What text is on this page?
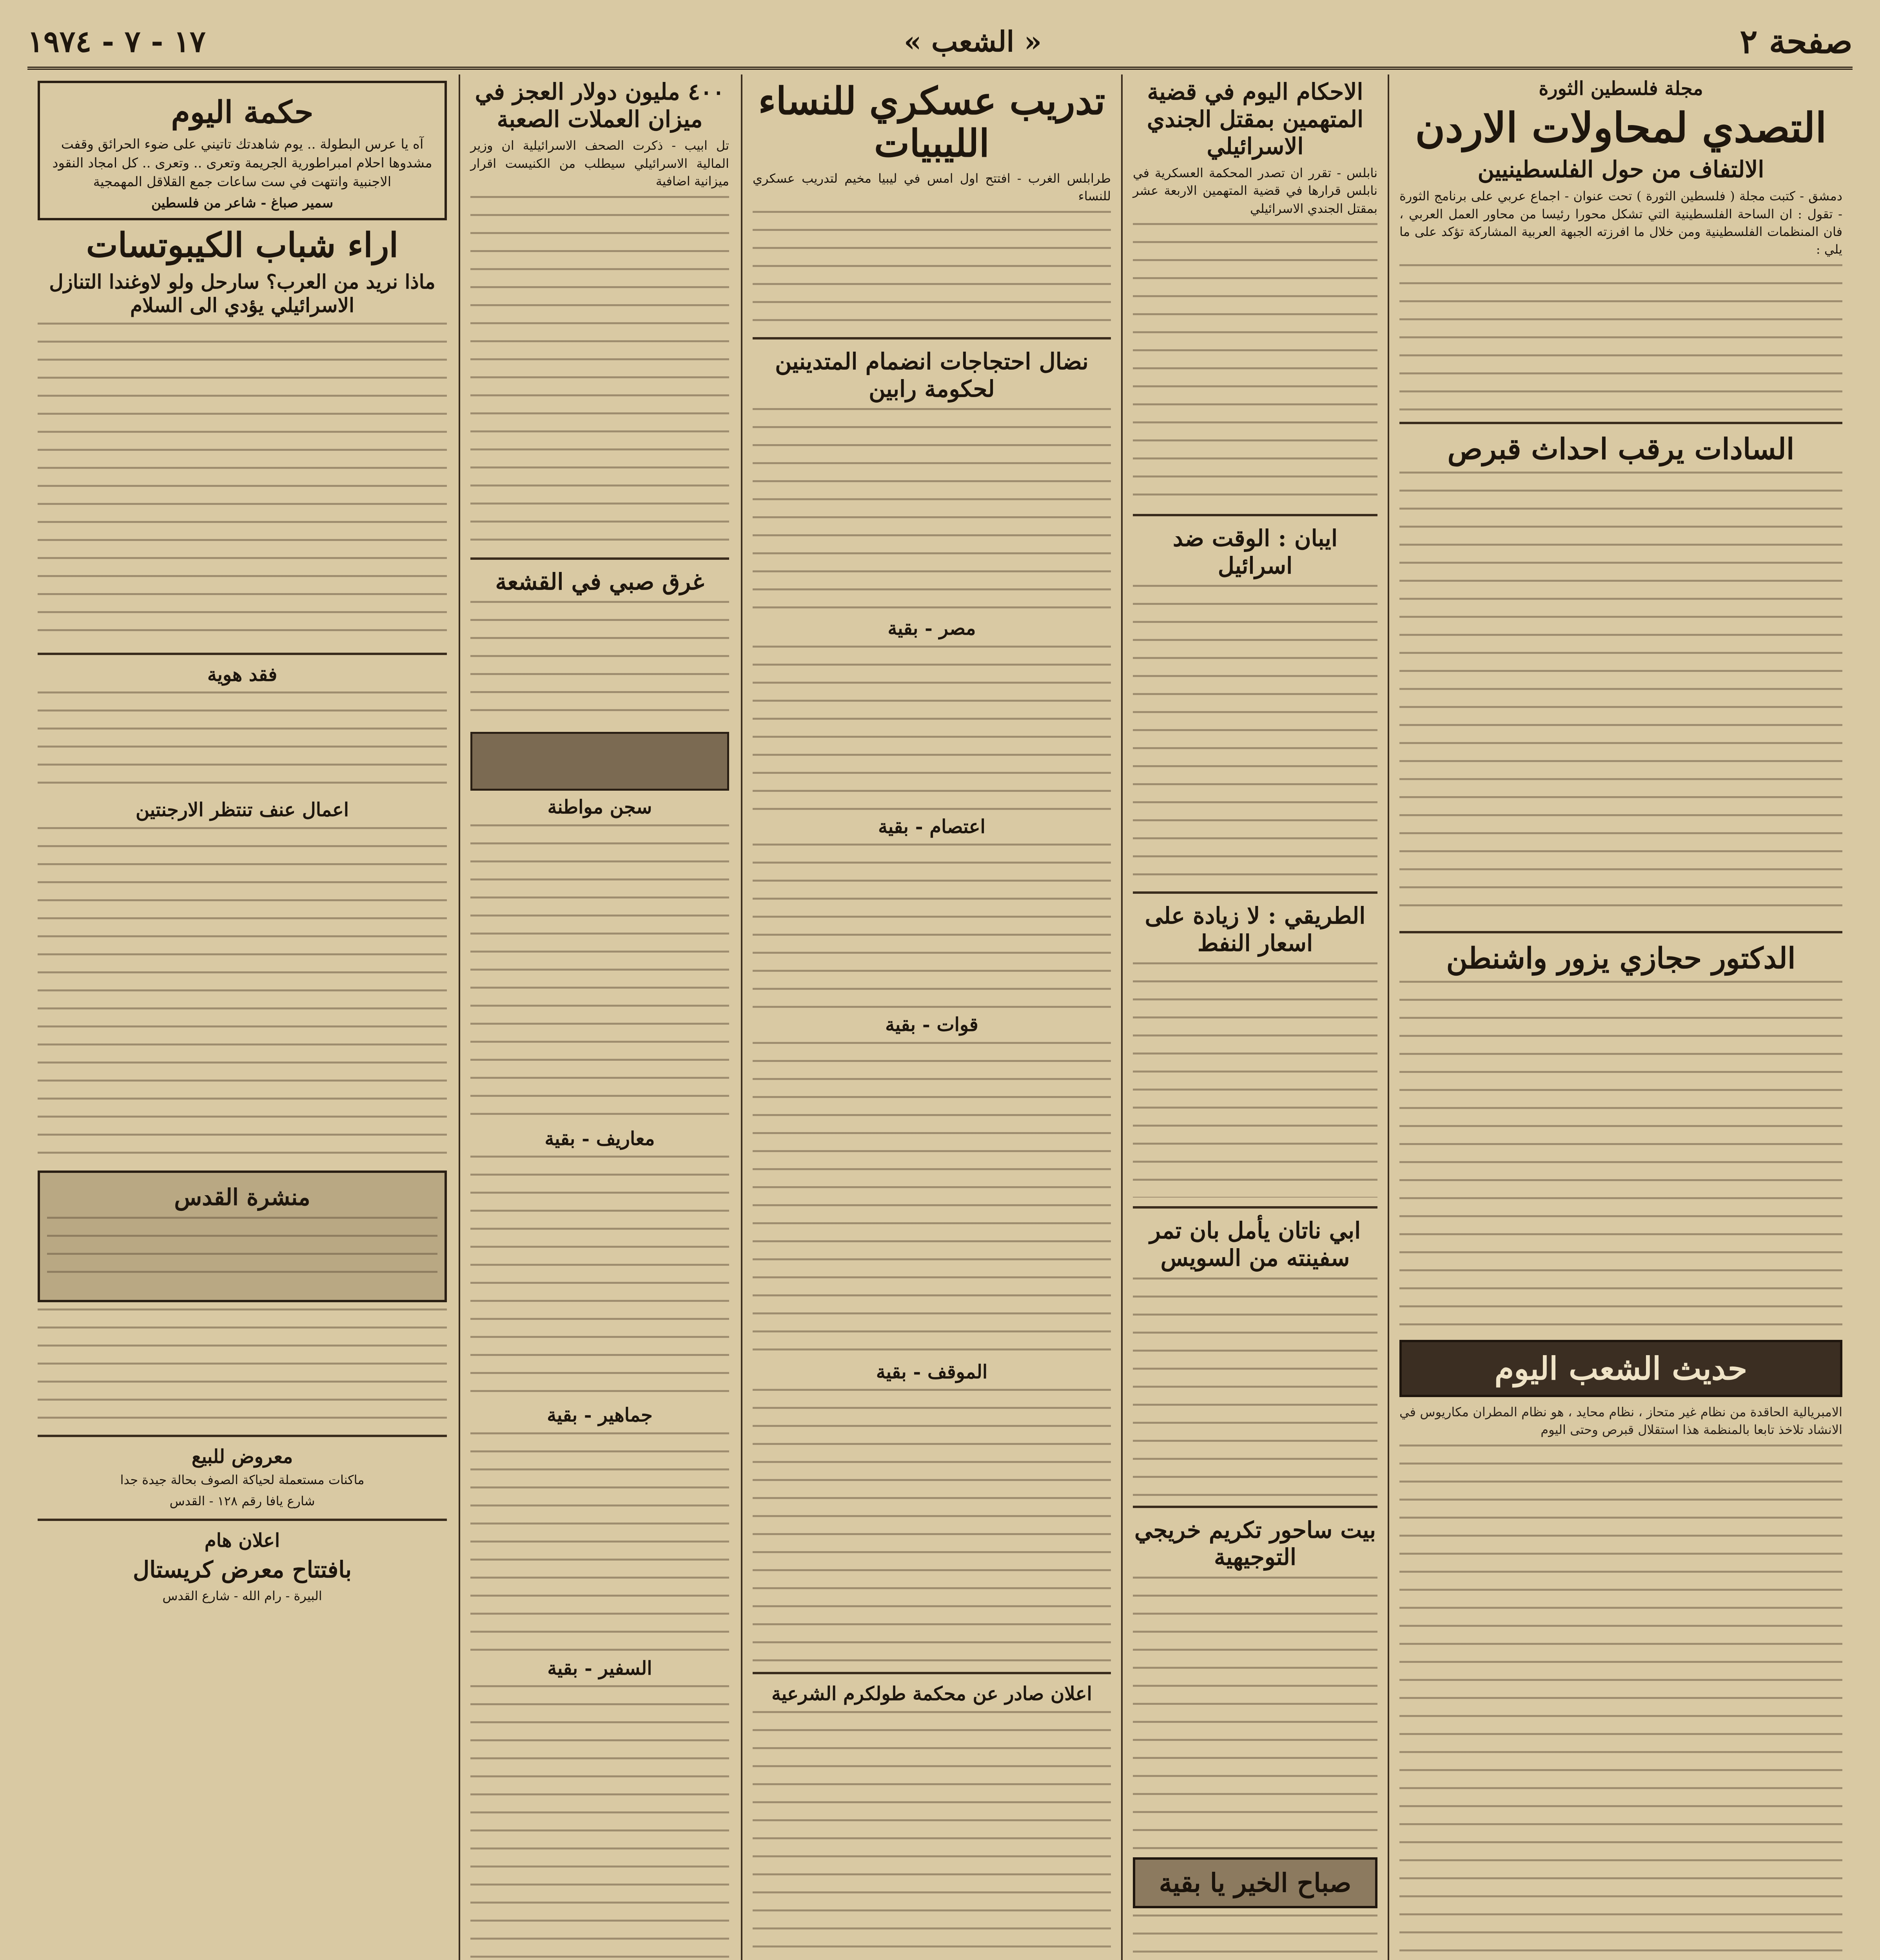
صفحة ٢
« الشعب »
١٧ - ٧ - ١٩٧٤
مجلة فلسطين الثورة
التصدي لمحاولات الاردن
الالتفاف من حول الفلسطينيين
دمشق - كتبت مجلة ( فلسطين الثورة ) تحت عنوان - اجماع عربي على برنامج الثورة - تقول : ان الساحة الفلسطينية التي تشكل محورا رئيسا من محاور العمل العربي ، فان المنظمات الفلسطينية ومن خلال ما افرزته الجبهة العربية المشاركة تؤكد على ما يلي :
السادات يرقب احداث قبرص
الدكتور حجازي يزور واشنطن
حديث الشعب اليوم
الامبريالية الحاقدة من نظام غير متحاز ، نظام محايد ، هو نظام المطران مكاريوس في الانشاد تلاخذ تابعا بالمنظمة هذا استقلال قبرص وحتى اليوم
الاحكام اليوم في قضية المتهمين بمقتل الجندي الاسرائيلي
نابلس - تقرر ان تصدر المحكمة العسكرية في نابلس قرارها في قضية المتهمين الاربعة عشر بمقتل الجندي الاسرائيلي
ايبان : الوقت ضد اسرائيل
الطريقي : لا زيادة على اسعار النفط
ابي ناتان يأمل بان تمر سفينته من السويس
بيت ساحور تكريم خريجي التوجيهية
صباح الخير يا بقية
تدريب عسكري للنساء الليبيات
طرابلس الغرب - افتتح اول امس في ليبيا مخيم لتدريب عسكري للنساء
نضال احتجاجات انضمام المتدينين لحكومة رابين
مصر - بقية
اعتصام - بقية
قوات - بقية
الموقف - بقية
اعلان صادر عن محكمة طولكرم الشرعية
٤٠٠ مليون دولار العجز في ميزان العملات الصعبة
تل ابيب - ذكرت الصحف الاسرائيلية ان وزير المالية الاسرائيلي سيطلب من الكنيست اقرار ميزانية اضافية
غرق صبي في القشعة
سجن مواطنة
معاريف - بقية
جماهير - بقية
السفير - بقية
حكمة اليوم
آه يا عرس البطولة .. يوم شاهدتك تاتيني على ضوء الحرائق وقفت مشدوها احلام امبراطورية الجريمة وتعرى .. وتعرى .. كل امجاد النقود الاجنبية وانتهت في ست ساعات جمع القلاقل المهمجية
سمير صباغ - شاعر من فلسطين
اراء شباب الكيبوتسات
ماذا نريد من العرب؟ سارحل ولو لاوغندا التنازل الاسرائيلي يؤدي الى السلام
فقد هوية
اعمال عنف تنتظر الارجنتين
منشرة القدس
معروض للبيع
ماكنات مستعملة لحياكة الصوف بحالة جيدة جدا
شارع يافا رقم ١٢٨ - القدس
اعلان هام
بافتتاح معرض كريستال
البيرة - رام الله - شارع القدس
